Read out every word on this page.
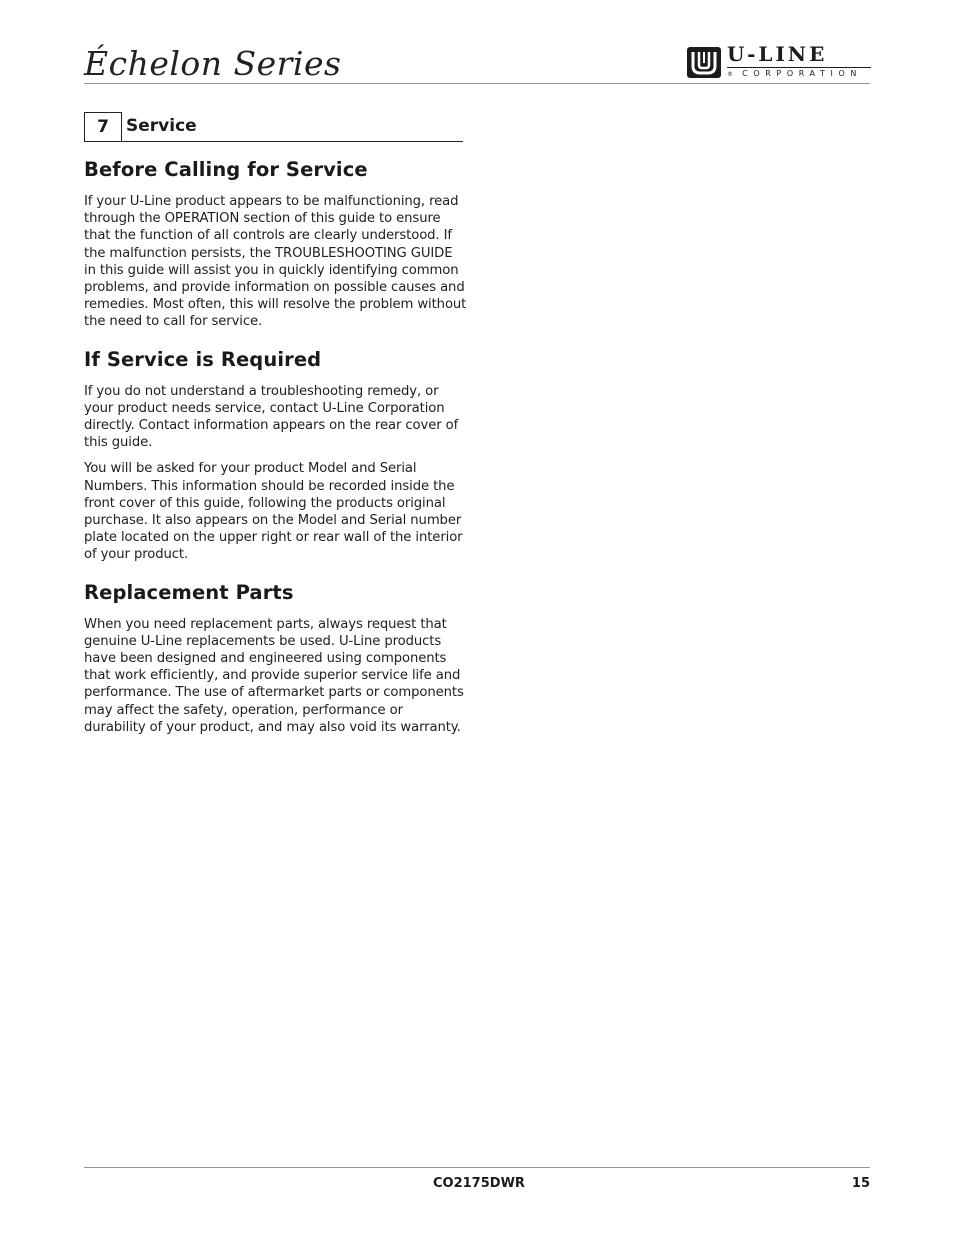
Échelon Series	U-LINE
® CORPORATION
7	Service
Before Calling for Service

If your U-Line product appears to be malfunctioning, read through the OPERATION section of this guide to ensure that the function of all controls are clearly understood. If the malfunction persists, the TROUBLESHOOTING GUIDE in this guide will assist you in quickly identifying common problems, and provide information on possible causes and remedies. Most often, this will resolve the problem without the need to call for service.

If Service is Required

If you do not understand a troubleshooting remedy, or your product needs service, contact U-Line Corporation directly. Contact information appears on the rear cover of this guide.

You will be asked for your product Model and Serial Numbers. This information should be recorded inside the front cover of this guide, following the products original purchase. It also appears on the Model and Serial number plate located on the upper right or rear wall of the interior of your product.

Replacement Parts

When you need replacement parts, always request that genuine U-Line replacements be used. U-Line products have been designed and engineered using components that work efficiently, and provide superior service life and performance. The use of aftermarket parts or components may affect the safety, operation, performance or durability of your product, and may also void its warranty.

CO2175DWR	15
